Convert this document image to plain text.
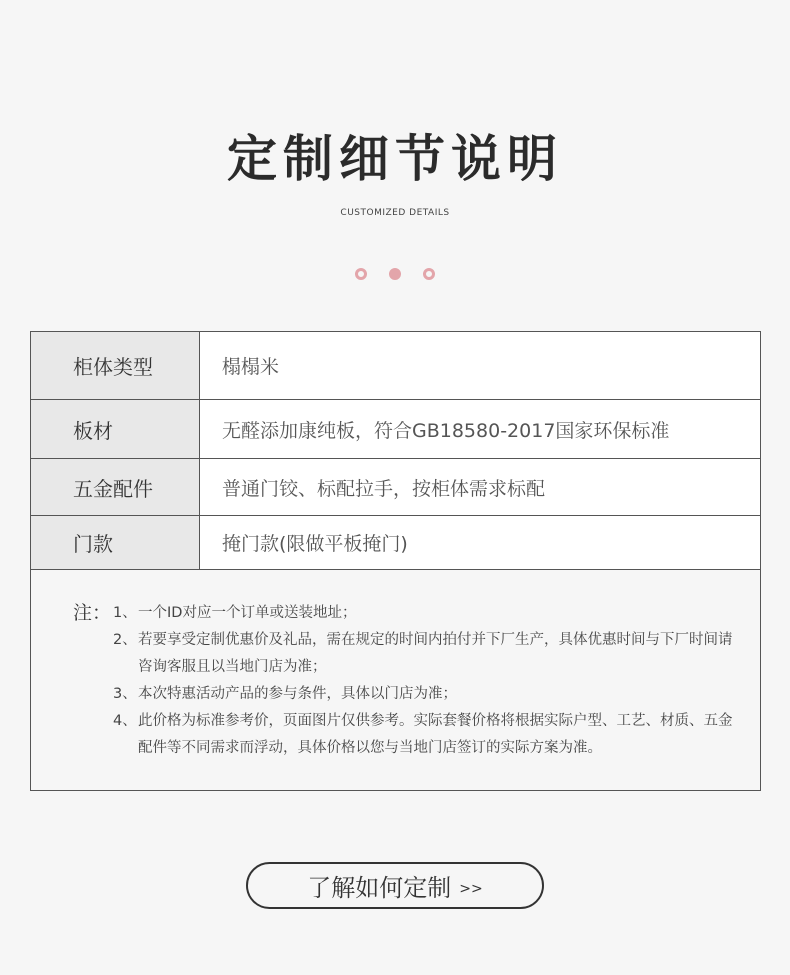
定制细节说明
CUSTOMIZED DETAILS
柜体类型	榻榻米
板材	无醛添加康纯板，符合GB18580-2017国家环保标准
五金配件	普通门铰、标配拉手，按柜体需求标配
门款	掩门款(限做平板掩门)
注： 1、 一个ID对应一个订单或送装地址；
2、 若要享受定制优惠价及礼品，需在规定的时间内拍付并下厂生产，具体优惠时间与下厂时间请咨询客服且以当地门店为准；
3、 本次特惠活动产品的参与条件，具体以门店为准；
4、 此价格为标准参考价，页面图片仅供参考。实际套餐价格将根据实际户型、工艺、材质、五金配件等不同需求而浮动，具体价格以您与当地门店签订的实际方案为准。
了解如何定制 >>
